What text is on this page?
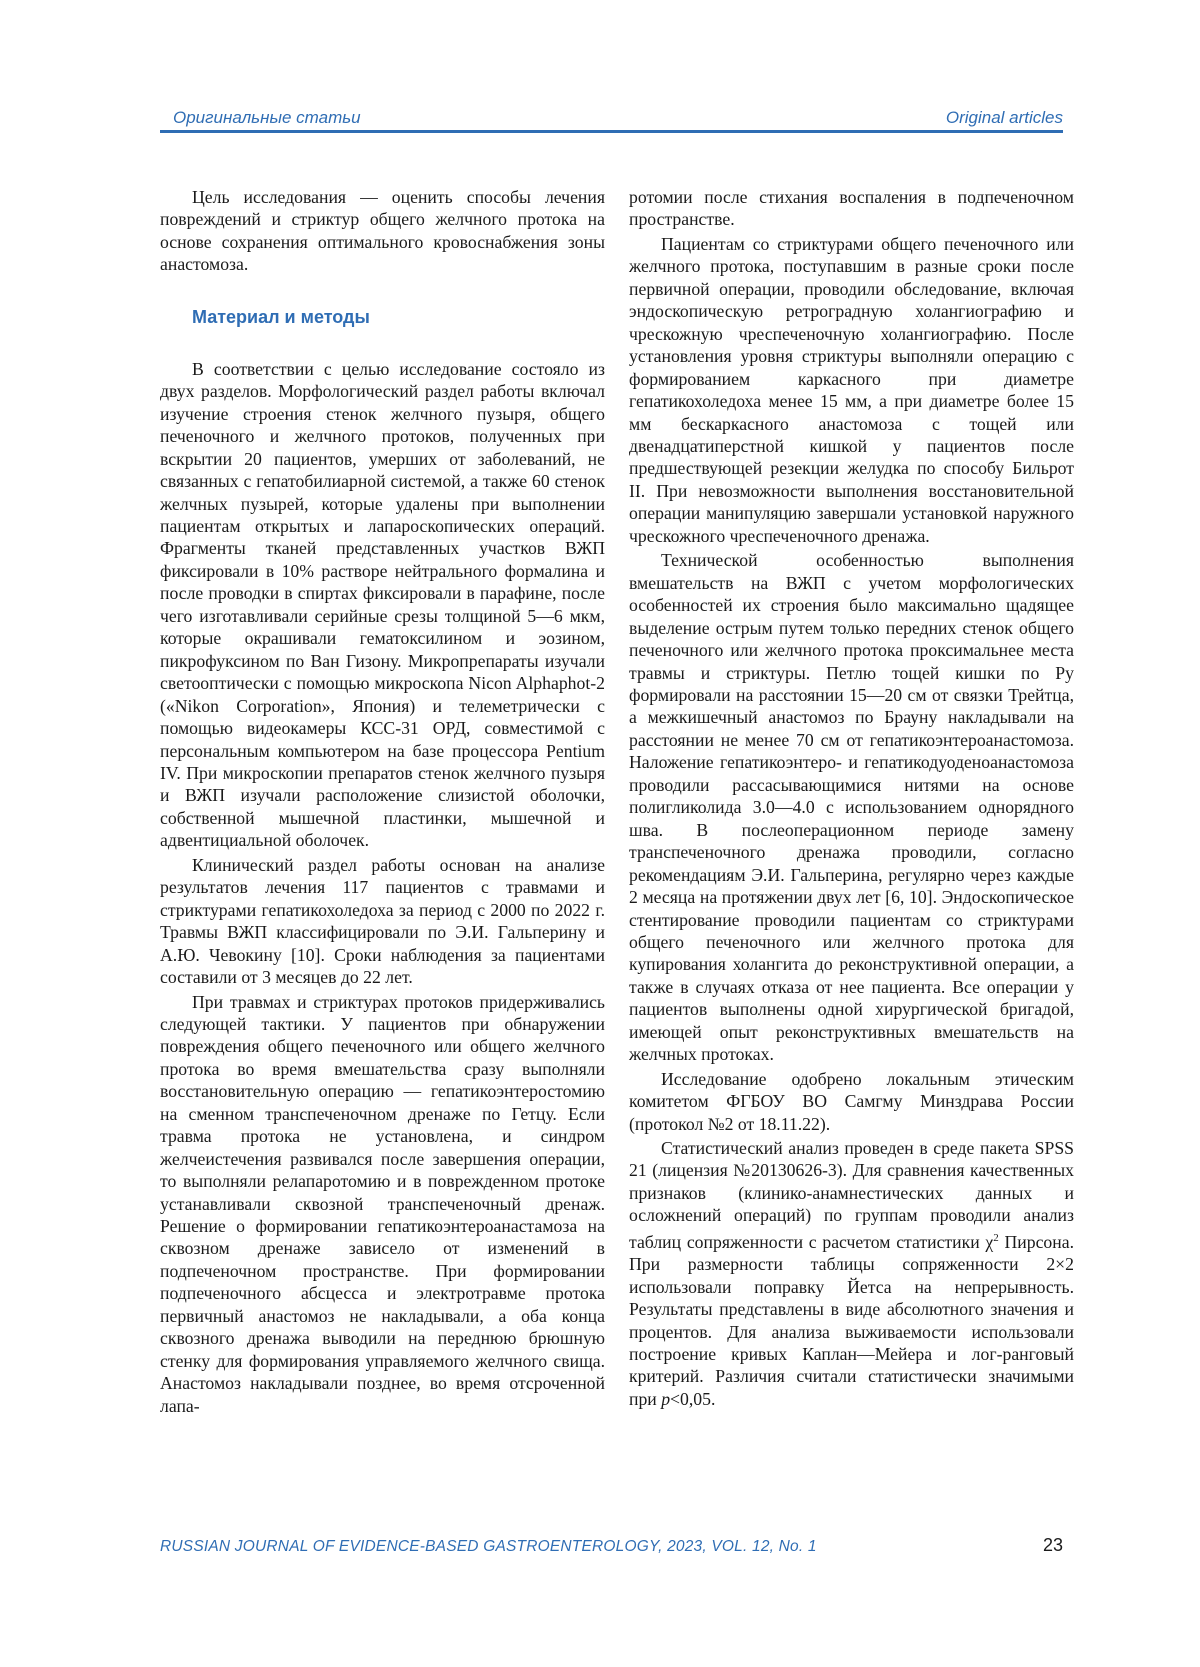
Оригинальные статьи	Original articles

Цель исследования — оценить способы лечения повреждений и стриктур общего желчного протока на основе сохранения оптимального кровоснабжения зоны анастомоза.

Материал и методы

В соответствии с целью исследование состояло из двух разделов. Морфологический раздел работы включал изучение строения стенок желчного пузыря, общего печеночного и желчного протоков, полученных при вскрытии 20 пациентов, умерших от заболеваний, не связанных с гепатобилиарной системой, а также 60 стенок желчных пузырей, которые удалены при выполнении пациентам открытых и лапароскопических операций. Фрагменты тканей представленных участков ВЖП фиксировали в 10% растворе нейтрального формалина и после проводки в спиртах фиксировали в парафине, после чего изготавливали серийные срезы толщиной 5—6 мкм, которые окрашивали гематоксилином и эозином, пикрофуксином по Ван Гизону. Микропрепараты изучали светооптически с помощью микроскопа Nicon Alphaphot-2 («Nikon Corporation», Япония) и телеметрически с помощью видеокамеры КСС-31 ОРД, совместимой с персональным компьютером на базе процессора Pentium IV. При микроскопии препаратов стенок желчного пузыря и ВЖП изучали расположение слизистой оболочки, собственной мышечной пластинки, мышечной и адвентициальной оболочек.

Клинический раздел работы основан на анализе результатов лечения 117 пациентов с травмами и стриктурами гепатикохоледоха за период с 2000 по 2022 г. Травмы ВЖП классифицировали по Э.И. Гальперину и А.Ю. Чевокину [10]. Сроки наблюдения за пациентами составили от 3 месяцев до 22 лет.

При травмах и стриктурах протоков придерживались следующей тактики. У пациентов при обнаружении повреждения общего печеночного или общего желчного протока во время вмешательства сразу выполняли восстановительную операцию — гепатикоэнтеростомию на сменном транспеченочном дренаже по Гетцу. Если травма протока не установлена, и синдром желчеистечения развивался после завершения операции, то выполняли релапаротомию и в поврежденном протоке устанавливали сквозной транспеченочный дренаж. Решение о формировании гепатикоэнтероанастамоза на сквозном дренаже зависело от изменений в подпеченочном пространстве. При формировании подпеченочного абсцесса и электротравме протока первичный анастомоз не накладывали, а оба конца сквозного дренажа выводили на переднюю брюшную стенку для формирования управляемого желчного свища. Анастомоз накладывали позднее, во время отсроченной лапа-

ротомии после стихания воспаления в подпеченочном пространстве.

Пациентам со стриктурами общего печеночного или желчного протока, поступавшим в разные сроки после первичной операции, проводили обследование, включая эндоскопическую ретроградную холангиографию и чрескожную чреспеченочную холангиографию. После установления уровня стриктуры выполняли операцию с формированием каркасного при диаметре гепатикохоледоха менее 15 мм, а при диаметре более 15 мм бескаркасного анастомоза с тощей или двенадцатиперстной кишкой у пациентов после предшествующей резекции желудка по способу Бильрот II. При невозможности выполнения восстановительной операции манипуляцию завершали установкой наружного чрескожного чреспеченочного дренажа.

Технической особенностью выполнения вмешательств на ВЖП с учетом морфологических особенностей их строения было максимально щадящее выделение острым путем только передних стенок общего печеночного или желчного протока проксимальнее места травмы и стриктуры. Петлю тощей кишки по Ру формировали на расстоянии 15—20 см от связки Трейтца, а межкишечный анастомоз по Брауну накладывали на расстоянии не менее 70 см от гепатикоэнтероанастомоза. Наложение гепатикоэнтеро- и гепатикодуоденоанастомоза проводили рассасывающимися нитями на основе полигликолида 3.0—4.0 с использованием однорядного шва. В послеоперационном периоде замену транспеченочного дренажа проводили, согласно рекомендациям Э.И. Гальперина, регулярно через каждые 2 месяца на протяжении двух лет [6, 10]. Эндоскопическое стентирование проводили пациентам со стриктурами общего печеночного или желчного протока для купирования холангита до реконструктивной операции, а также в случаях отказа от нее пациента. Все операции у пациентов выполнены одной хирургической бригадой, имеющей опыт реконструктивных вмешательств на желчных протоках.

Исследование одобрено локальным этическим комитетом ФГБОУ ВО Самгму Минздрава России (протокол №2 от 18.11.22).

Статистический анализ проведен в среде пакета SPSS 21 (лицензия №20130626-3). Для сравнения качественных признаков (клинико-анамнестических данных и осложнений операций) по группам проводили анализ таблиц сопряженности с расчетом статистики $\chi^2$ Пирсона. При размерности таблицы сопряженности 2×2 использовали поправку Йетса на непрерывность. Результаты представлены в виде абсолютного значения и процентов. Для анализа выживаемости использовали построение кривых Каплан—Мейера и лог-ранговый критерий. Различия считали статистически значимыми при p<0,05.

RUSSIAN JOURNAL OF EVIDENCE-BASED GASTROENTEROLOGY, 2023, VOL. 12, No. 1	23
